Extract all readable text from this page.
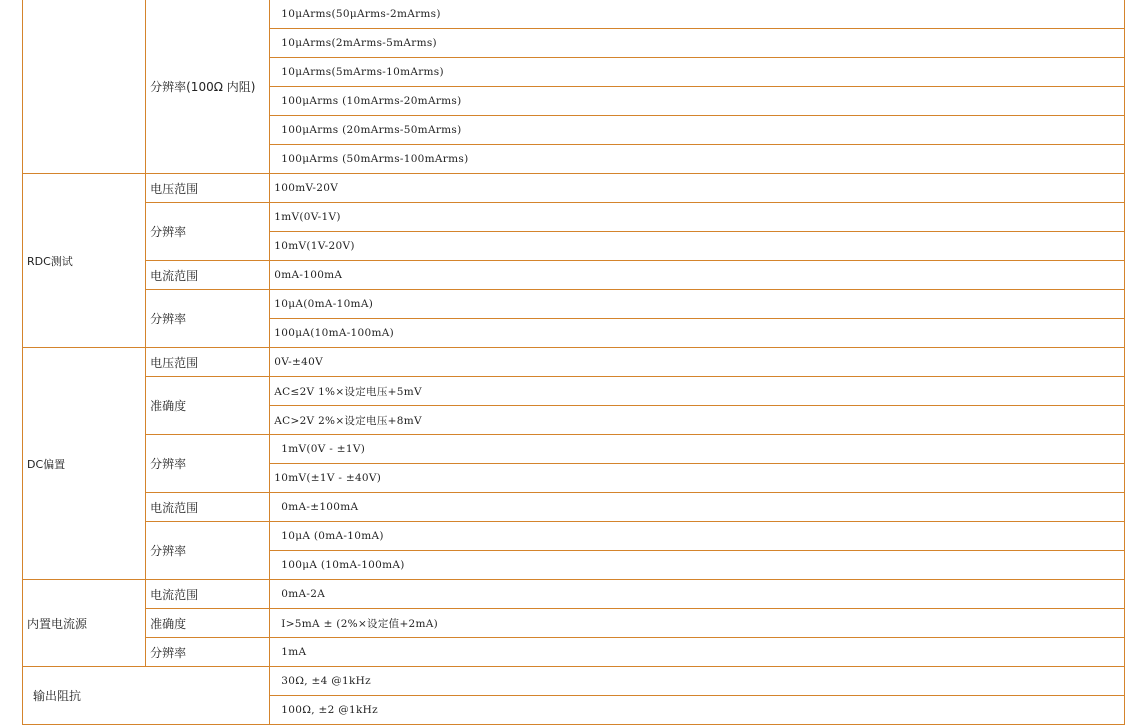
	分辨率(100Ω 内阻)	10μArms(50μArms-2mArms)
		10μArms(2mArms-5mArms)
		10μArms(5mArms-10mArms)
		100μArms (10mArms-20mArms)
		100μArms (20mArms-50mArms)
		100μArms (50mArms-100mArms)
RDC测试	电压范围	100mV-20V
	分辨率	1mV(0V-1V)
		10mV(1V-20V)
	电流范围	0mA-100mA
	分辨率	10μA(0mA-10mA)
		100μA(10mA-100mA)
DC偏置	电压范围	0V-±40V
	准确度	AC≤2V 1%×设定电压+5mV
		AC>2V 2%×设定电压+8mV
	分辨率	1mV(0V - ±1V)
		10mV(±1V - ±40V)
	电流范围	0mA-±100mA
	分辨率	10μA (0mA-10mA)
		100μA (10mA-100mA)
内置电流源	电流范围	0mA-2A
	准确度	I>5mA ± (2%×设定值+2mA)
	分辨率	1mA
输出阻抗		30Ω, ±4 @1kHz
		100Ω, ±2 @1kHz
